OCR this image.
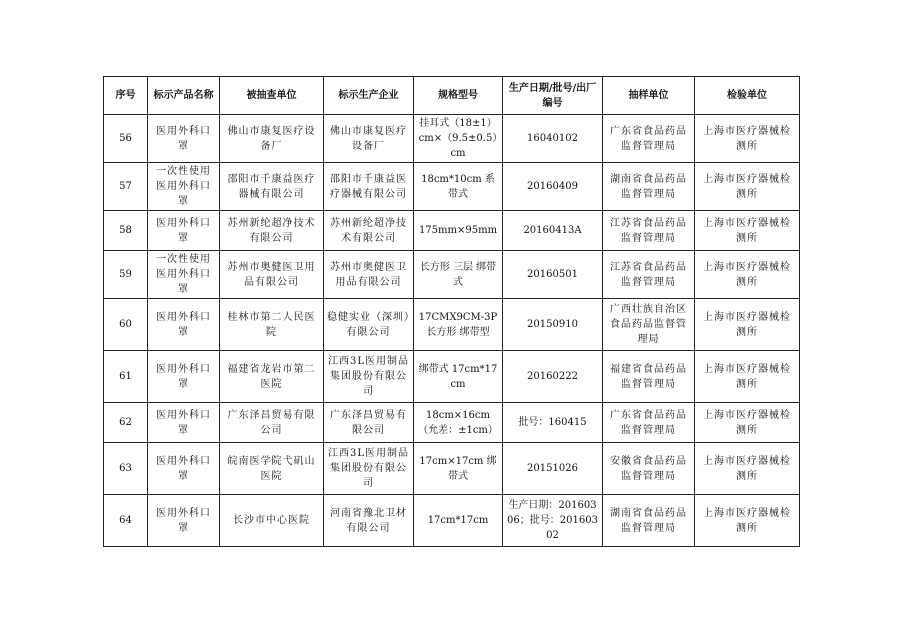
序号	标示产品名称	被抽查单位	标示生产企业	规格型号	生产日期/批号/出厂编号	抽样单位	检验单位
56	医用外科口罩	佛山市康复医疗设备厂	佛山市康复医疗设备厂	挂耳式（18±1）cm×（9.5±0.5）cm	16040102	广东省食品药品监督管理局	上海市医疗器械检测所
57	一次性使用医用外科口罩	邵阳市千康益医疗器械有限公司	邵阳市千康益医疗器械有限公司	18cm*10cm 系带式	20160409	湖南省食品药品监督管理局	上海市医疗器械检测所
58	医用外科口罩	苏州新纶超净技术有限公司	苏州新纶超净技术有限公司	175mm×95mm	20160413A	江苏省食品药品监督管理局	上海市医疗器械检测所
59	一次性使用医用外科口罩	苏州市奥健医卫用品有限公司	苏州市奥健医卫用品有限公司	长方形 三层 绑带式	20160501	江苏省食品药品监督管理局	上海市医疗器械检测所
60	医用外科口罩	桂林市第二人民医院	稳健实业（深圳）有限公司	17CMX9CM-3P 长方形 绑带型	20150910	广西壮族自治区食品药品监督管理局	上海市医疗器械检测所
61	医用外科口罩	福建省龙岩市第二医院	江西3L医用制品集团股份有限公司	绑带式 17cm*17cm	20160222	福建省食品药品监督管理局	上海市医疗器械检测所
62	医用外科口罩	广东泽昌贸易有限公司	广东泽昌贸易有限公司	18cm×16cm（允差：±1cm）	批号：160415	广东省食品药品监督管理局	上海市医疗器械检测所
63	医用外科口罩	皖南医学院弋矶山医院	江西3L医用制品集团股份有限公司	17cm×17cm 绑带式	20151026	安徽省食品药品监督管理局	上海市医疗器械检测所
64	医用外科口罩	长沙市中心医院	河南省豫北卫材有限公司	17cm*17cm	生产日期：20160306；批号：20160302	湖南省食品药品监督管理局	上海市医疗器械检测所
